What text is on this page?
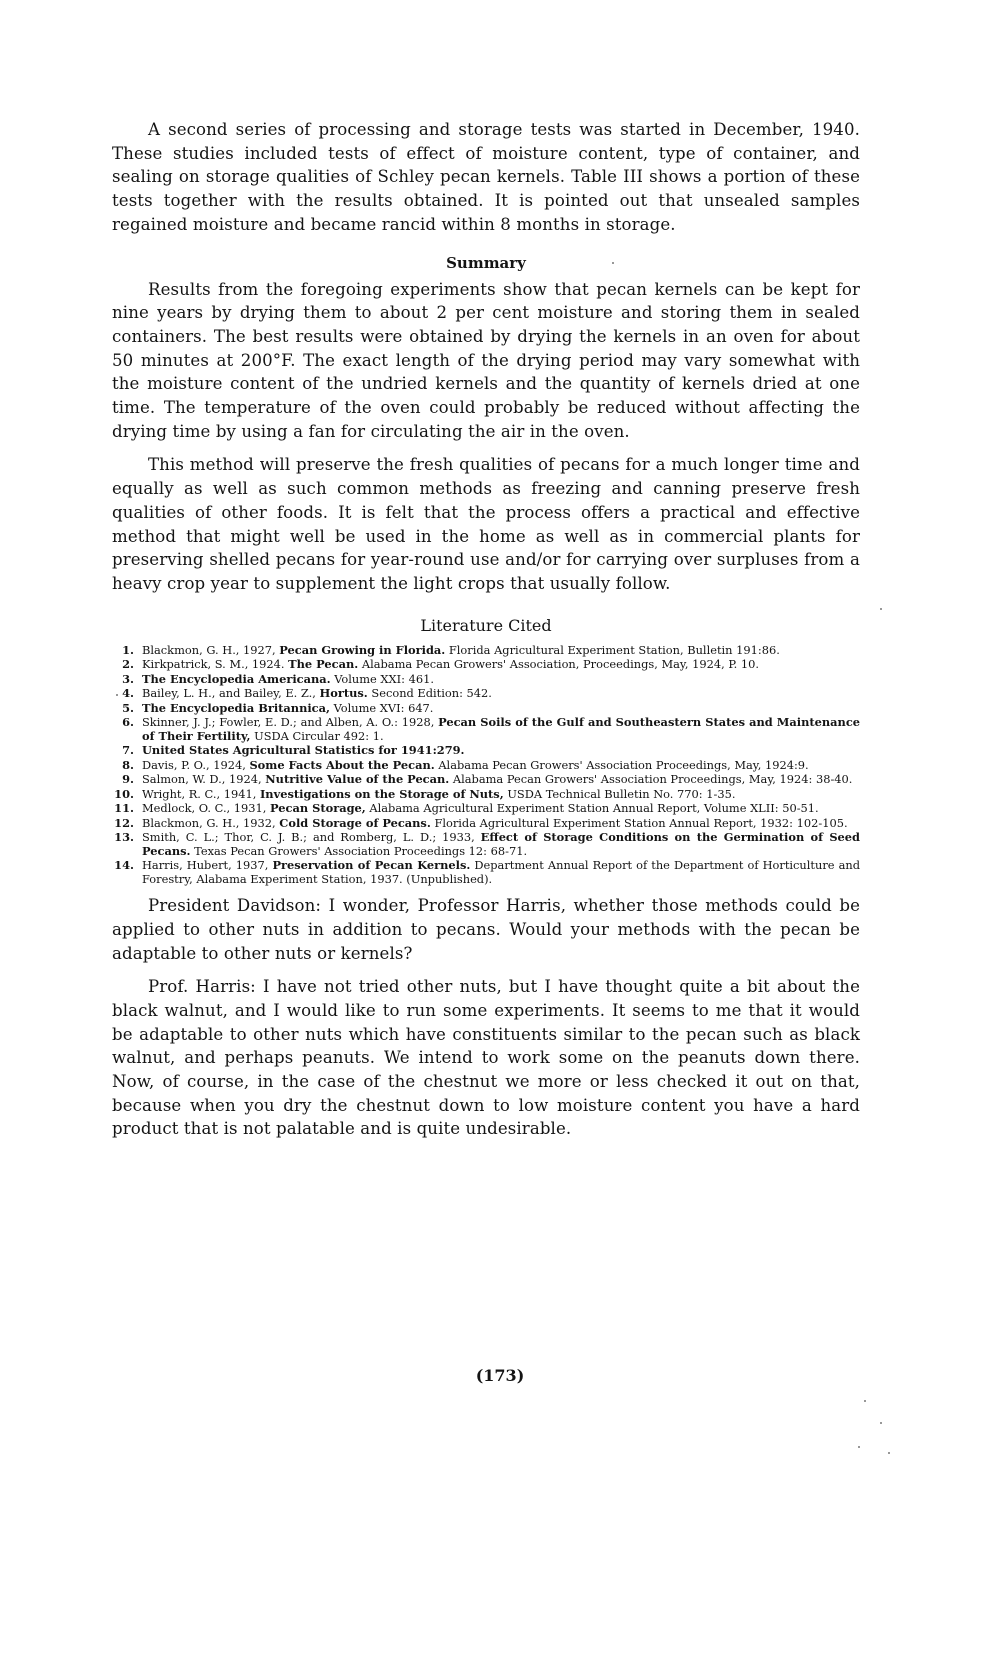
A second series of processing and storage tests was started in December, 1940. These studies included tests of effect of moisture content, type of container, and sealing on storage qualities of Schley pecan kernels. Table III shows a portion of these tests together with the results obtained. It is pointed out that unsealed samples regained moisture and became rancid within 8 months in storage.

Summary

Results from the foregoing experiments show that pecan kernels can be kept for nine years by drying them to about 2 per cent moisture and storing them in sealed containers. The best results were obtained by drying the kernels in an oven for about 50 minutes at 200°F. The exact length of the drying period may vary somewhat with the moisture content of the undried kernels and the quantity of kernels dried at one time. The temperature of the oven could probably be reduced without affecting the drying time by using a fan for circulating the air in the oven.

This method will preserve the fresh qualities of pecans for a much longer time and equally as well as such common methods as freezing and canning preserve fresh qualities of other foods. It is felt that the process offers a practical and effective method that might well be used in the home as well as in commercial plants for preserving shelled pecans for year-round use and/or for carrying over surpluses from a heavy crop year to supplement the light crops that usually follow.

Literature Cited
1. Blackmon, G. H., 1927, Pecan Growing in Florida. Florida Agricultural Experiment Station, Bulletin 191:86.
2. Kirkpatrick, S. M., 1924. The Pecan. Alabama Pecan Growers' Association, Proceedings, May, 1924, P. 10.
3. The Encyclopedia Americana. Volume XXI: 461.
4. Bailey, L. H., and Bailey, E. Z., Hortus. Second Edition: 542.
5. The Encyclopedia Britannica, Volume XVI: 647.
6. Skinner, J. J.; Fowler, E. D.; and Alben, A. O.: 1928, Pecan Soils of the Gulf and Southeastern States and Maintenance of Their Fertility, USDA Circular 492: 1.
7. United States Agricultural Statistics for 1941:279.
8. Davis, P. O., 1924, Some Facts About the Pecan. Alabama Pecan Growers' Association Proceedings, May, 1924:9.
9. Salmon, W. D., 1924, Nutritive Value of the Pecan. Alabama Pecan Growers' Association Proceedings, May, 1924: 38-40.
10. Wright, R. C., 1941, Investigations on the Storage of Nuts, USDA Technical Bulletin No. 770: 1-35.
11. Medlock, O. C., 1931, Pecan Storage, Alabama Agricultural Experiment Station Annual Report, Volume XLII: 50-51.
12. Blackmon, G. H., 1932, Cold Storage of Pecans. Florida Agricultural Experiment Station Annual Report, 1932: 102-105.
13. Smith, C. L.; Thor, C. J. B.; and Romberg, L. D.; 1933, Effect of Storage Conditions on the Germination of Seed Pecans. Texas Pecan Growers' Association Proceedings 12: 68-71.
14. Harris, Hubert, 1937, Preservation of Pecan Kernels. Department Annual Report of the Department of Horticulture and Forestry, Alabama Experiment Station, 1937. (Unpublished).

President Davidson: I wonder, Professor Harris, whether those methods could be applied to other nuts in addition to pecans. Would your methods with the pecan be adaptable to other nuts or kernels?

Prof. Harris: I have not tried other nuts, but I have thought quite a bit about the black walnut, and I would like to run some experiments. It seems to me that it would be adaptable to other nuts which have constituents similar to the pecan such as black walnut, and perhaps peanuts. We intend to work some on the peanuts down there. Now, of course, in the case of the chestnut we more or less checked it out on that, because when you dry the chestnut down to low moisture content you have a hard product that is not palatable and is quite undesirable.

(173)
